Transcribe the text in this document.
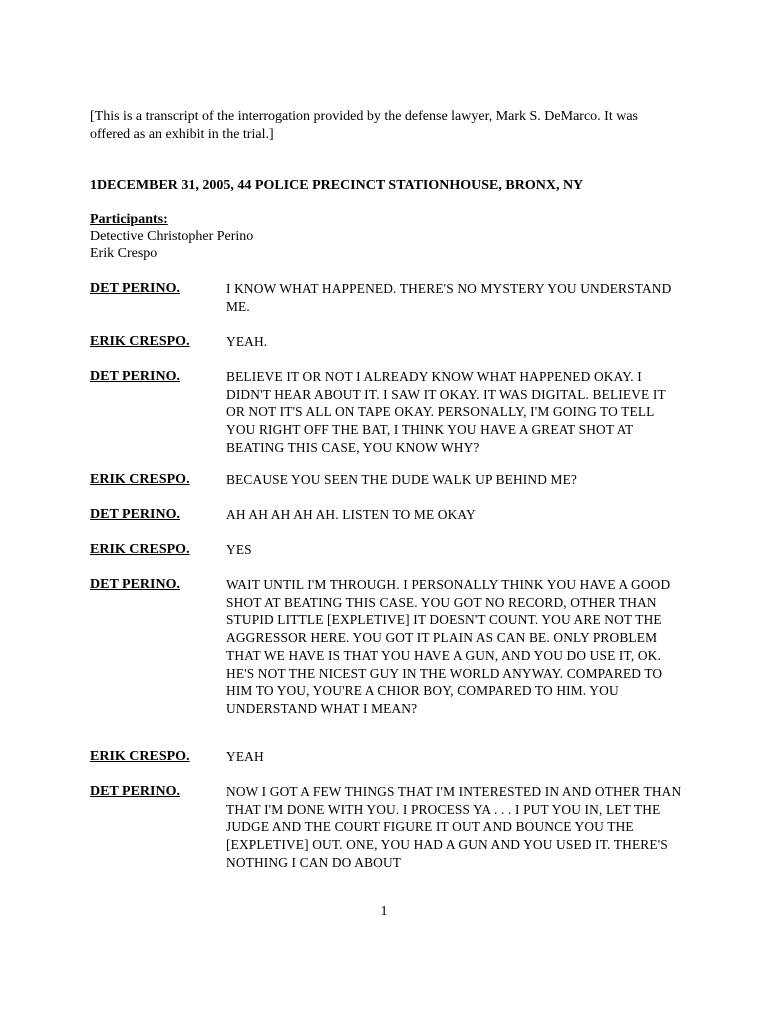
[This is a transcript of the interrogation provided by the defense lawyer, Mark S. DeMarco. It was offered as an exhibit in the trial.]
1DECEMBER 31, 2005, 44 POLICE PRECINCT STATIONHOUSE, BRONX, NY
Participants:
Detective Christopher Perino
Erik Crespo
DET PERINO.	I KNOW WHAT HAPPENED. THERE'S NO MYSTERY YOU UNDERSTAND ME.
ERIK CRESPO.	YEAH.
DET PERINO.	BELIEVE IT OR NOT I ALREADY KNOW WHAT HAPPENED OKAY. I DIDN'T HEAR ABOUT IT. I SAW IT OKAY. IT WAS DIGITAL. BELIEVE IT OR NOT IT'S ALL ON TAPE OKAY. PERSONALLY, I'M GOING TO TELL YOU RIGHT OFF THE BAT, I THINK YOU HAVE A GREAT SHOT AT BEATING THIS CASE, YOU KNOW WHY?
ERIK CRESPO.	BECAUSE YOU SEEN THE DUDE WALK UP BEHIND ME?
DET PERINO.	AH AH AH AH AH. LISTEN TO ME OKAY
ERIK CRESPO.	YES
DET PERINO.	WAIT UNTIL I'M THROUGH. I PERSONALLY THINK YOU HAVE A GOOD SHOT AT BEATING THIS CASE. YOU GOT NO RECORD, OTHER THAN STUPID LITTLE [EXPLETIVE] IT DOESN'T COUNT. YOU ARE NOT THE AGGRESSOR HERE. YOU GOT IT PLAIN AS CAN BE. ONLY PROBLEM THAT WE HAVE IS THAT YOU HAVE A GUN, AND YOU DO USE IT, OK. HE'S NOT THE NICEST GUY IN THE WORLD ANYWAY. COMPARED TO HIM TO YOU, YOU'RE A CHIOR BOY, COMPARED TO HIM. YOU UNDERSTAND WHAT I MEAN?
ERIK CRESPO.	YEAH
DET PERINO.	NOW I GOT A FEW THINGS THAT I'M INTERESTED IN AND OTHER THAN THAT I'M DONE WITH YOU. I PROCESS YA . . . I PUT YOU IN, LET THE JUDGE AND THE COURT FIGURE IT OUT AND BOUNCE YOU THE [EXPLETIVE] OUT. ONE, YOU HAD A GUN AND YOU USED IT. THERE'S NOTHING I CAN DO ABOUT
1
